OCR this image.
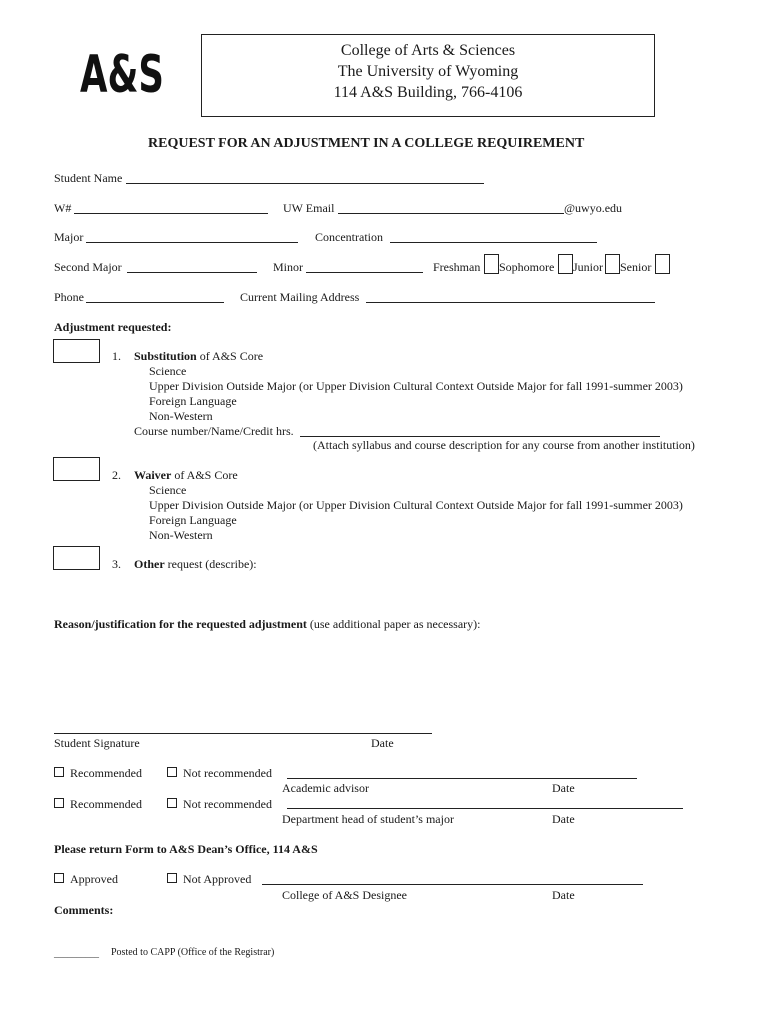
A&S	College of Arts & Sciences
The University of Wyoming
114 A&S Building, 766-4106
REQUEST FOR AN ADJUSTMENT IN A COLLEGE REQUIREMENT
Student Name
W#	UW Email	@uwyo.edu
Major	Concentration
Second Major	Minor	Freshman Sophomore Junior Senior
Phone	Current Mailing Address
Adjustment requested:
1. Substitution of A&S Core
Science
Upper Division Outside Major (or Upper Division Cultural Context Outside Major for fall 1991-summer 2003)
Foreign Language
Non-Western
Course number/Name/Credit hrs.
(Attach syllabus and course description for any course from another institution)
2. Waiver of A&S Core
Science
Upper Division Outside Major (or Upper Division Cultural Context Outside Major for fall 1991-summer 2003)
Foreign Language
Non-Western
3. Other request (describe):
Reason/justification for the requested adjustment (use additional paper as necessary):
Student Signature	Date
Recommended	Not recommended
Academic advisor	Date
Recommended	Not recommended
Department head of student’s major	Date
Please return Form to A&S Dean’s Office, 114 A&S
Approved	Not Approved
College of A&S Designee	Date
Comments:
__________ Posted to CAPP (Office of the Registrar)
